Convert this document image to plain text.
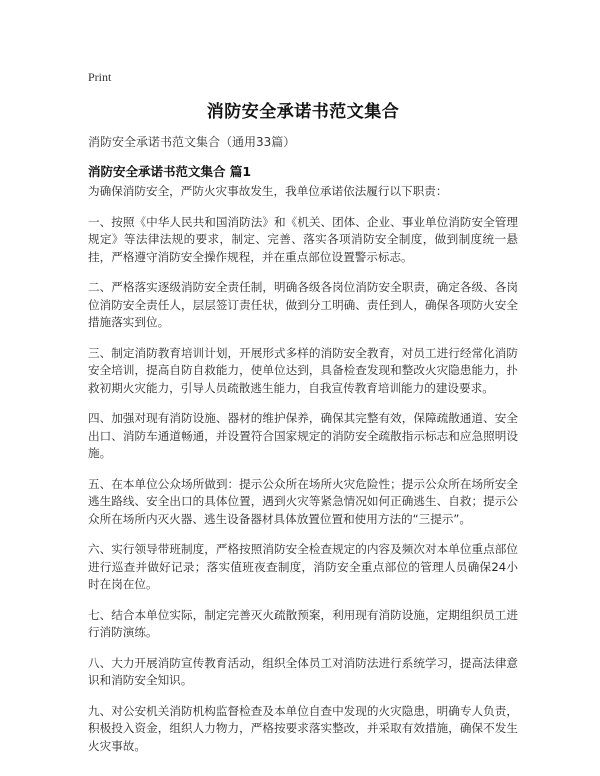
Print
消防安全承诺书范文集合
消防安全承诺书范文集合（通用33篇）
消防安全承诺书范文集合 篇1

为确保消防安全，严防火灾事故发生，我单位承诺依法履行以下职责：

一、按照《中华人民共和国消防法》和《机关、团体、企业、事业单位消防安全管理规定》等法律法规的要求，制定、完善、落实各项消防安全制度，做到制度统一悬挂，严格遵守消防安全操作规程，并在重点部位设置警示标志。

二、严格落实逐级消防安全责任制，明确各级各岗位消防安全职责，确定各级、各岗位消防安全责任人，层层签订责任状，做到分工明确、责任到人，确保各项防火安全措施落实到位。

三、制定消防教育培训计划，开展形式多样的消防安全教育，对员工进行经常化消防安全培训，提高自防自救能力，使单位达到，具备检查发现和整改火灾隐患能力，扑救初期火灾能力，引导人员疏散逃生能力，自我宣传教育培训能力的建设要求。

四、加强对现有消防设施、器材的维护保养，确保其完整有效，保障疏散通道、安全出口、消防车通道畅通，并设置符合国家规定的消防安全疏散指示标志和应急照明设施。

五、在本单位公众场所做到：提示公众所在场所火灾危险性；提示公众所在场所安全逃生路线、安全出口的具体位置，遇到火灾等紧急情况如何正确逃生、自救；提示公众所在场所内灭火器、逃生设备器材具体放置位置和使用方法的“三提示”。

六、实行领导带班制度，严格按照消防安全检查规定的内容及频次对本单位重点部位进行巡查并做好记录；落实值班夜查制度，消防安全重点部位的管理人员确保24小时在岗在位。

七、结合本单位实际，制定完善灭火疏散预案，利用现有消防设施，定期组织员工进行消防演练。

八、大力开展消防宣传教育活动，组织全体员工对消防法进行系统学习，提高法律意识和消防安全知识。

九、对公安机关消防机构监督检查及本单位自查中发现的火灾隐患，明确专人负责，积极投入资金，组织人力物力，严格按要求落实整改，并采取有效措施，确保不发生火灾事故。
